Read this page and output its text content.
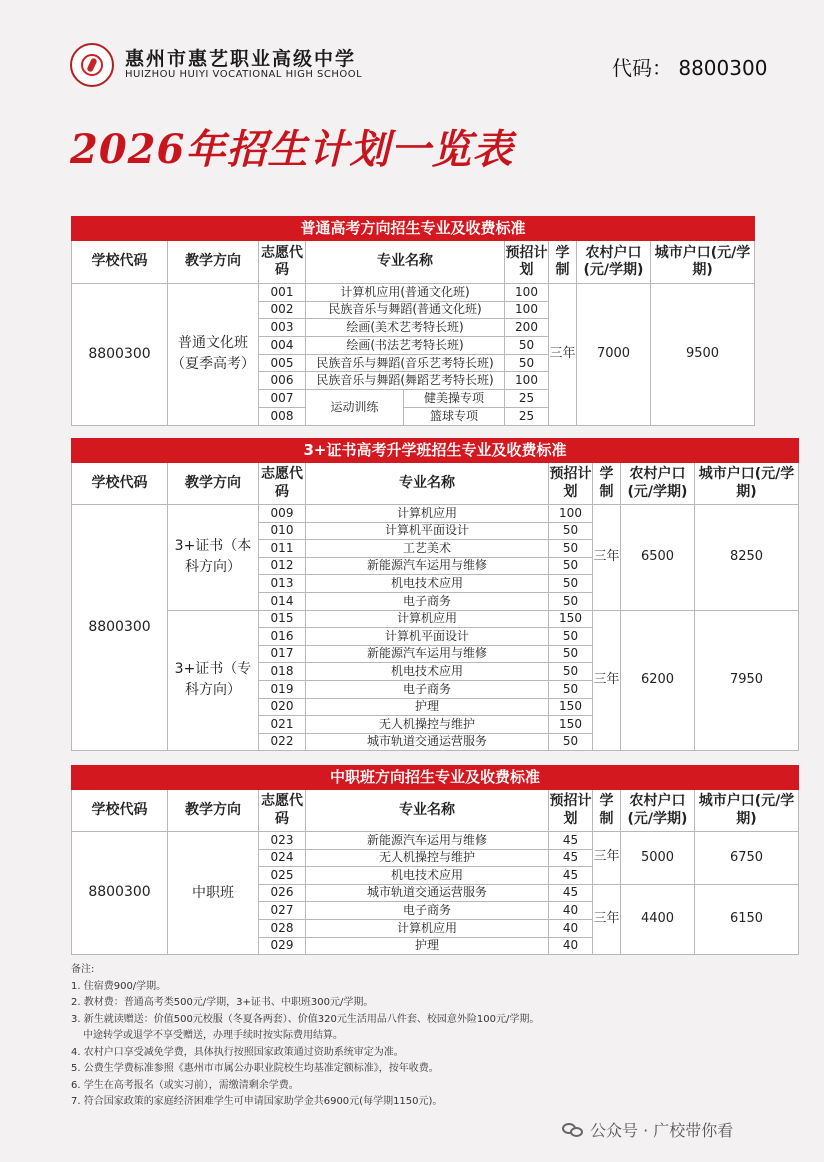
惠州市惠艺职业高级中学
HUIZHOU HUIYI VOCATIONAL HIGH SCHOOL	代码： 8800300
2026年招生计划一览表
普通高考方向招生专业及收费标准								
学校代码	教学方向	志愿代码	专业名称		预招计划	学制	农村户口(元/学期)	城市户口(元/学期)
8800300	普通文化班（夏季高考）	001	计算机应用(普通文化班)		100	三年	7000	9500
		002	民族音乐与舞蹈(普通文化班)		100			
		003	绘画(美术艺考特长班)		200			
		004	绘画(书法艺考特长班)		50			
		005	民族音乐与舞蹈(音乐艺考特长班)		50			
		006	民族音乐与舞蹈(舞蹈艺考特长班)		100			
		007	运动训练	健美操专项	25			
		008		篮球专项	25			
3+证书高考升学班招生专业及收费标准							
学校代码	教学方向	志愿代码	专业名称	预招计划	学制	农村户口(元/学期)	城市户口(元/学期)
8800300	3+证书（本科方向）	009	计算机应用	100	三年	6500	8250
		010	计算机平面设计	50			
		011	工艺美术	50			
		012	新能源汽车运用与维修	50			
		013	机电技术应用	50			
		014	电子商务	50			
	3+证书（专科方向）	015	计算机应用	150	三年	6200	7950
		016	计算机平面设计	50			
		017	新能源汽车运用与维修	50			
		018	机电技术应用	50			
		019	电子商务	50			
		020	护理	150			
		021	无人机操控与维护	150			
		022	城市轨道交通运营服务	50			
中职班方向招生专业及收费标准							
学校代码	教学方向	志愿代码	专业名称	预招计划	学制	农村户口(元/学期)	城市户口(元/学期)
8800300	中职班	023	新能源汽车运用与维修	45	三年	5000	6750
		024	无人机操控与维护	45			
		025	机电技术应用	45			
		026	城市轨道交通运营服务	45	三年	4400	6150
		027	电子商务	40			
		028	计算机应用	40			
		029	护理	40			
备注:
1. 住宿费900/学期。
2. 教材费：普通高考类500元/学期，3+证书、中职班300元/学期。
3. 新生就读赠送：价值500元校服（冬夏各两套）、价值320元生活用品八件套、校园意外险100元/学期。
中途转学或退学不享受赠送，办理手续时按实际费用结算。
4. 农村户口享受减免学费，具体执行按照国家政策通过资助系统审定为准。
5. 公费生学费标准参照《惠州市市属公办职业院校生均基准定额标准》，按年收费。
6. 学生在高考报名（或实习前），需缴清剩余学费。
7. 符合国家政策的家庭经济困难学生可申请国家助学金共6900元(每学期1150元)。
公众号 · 广校带你看
